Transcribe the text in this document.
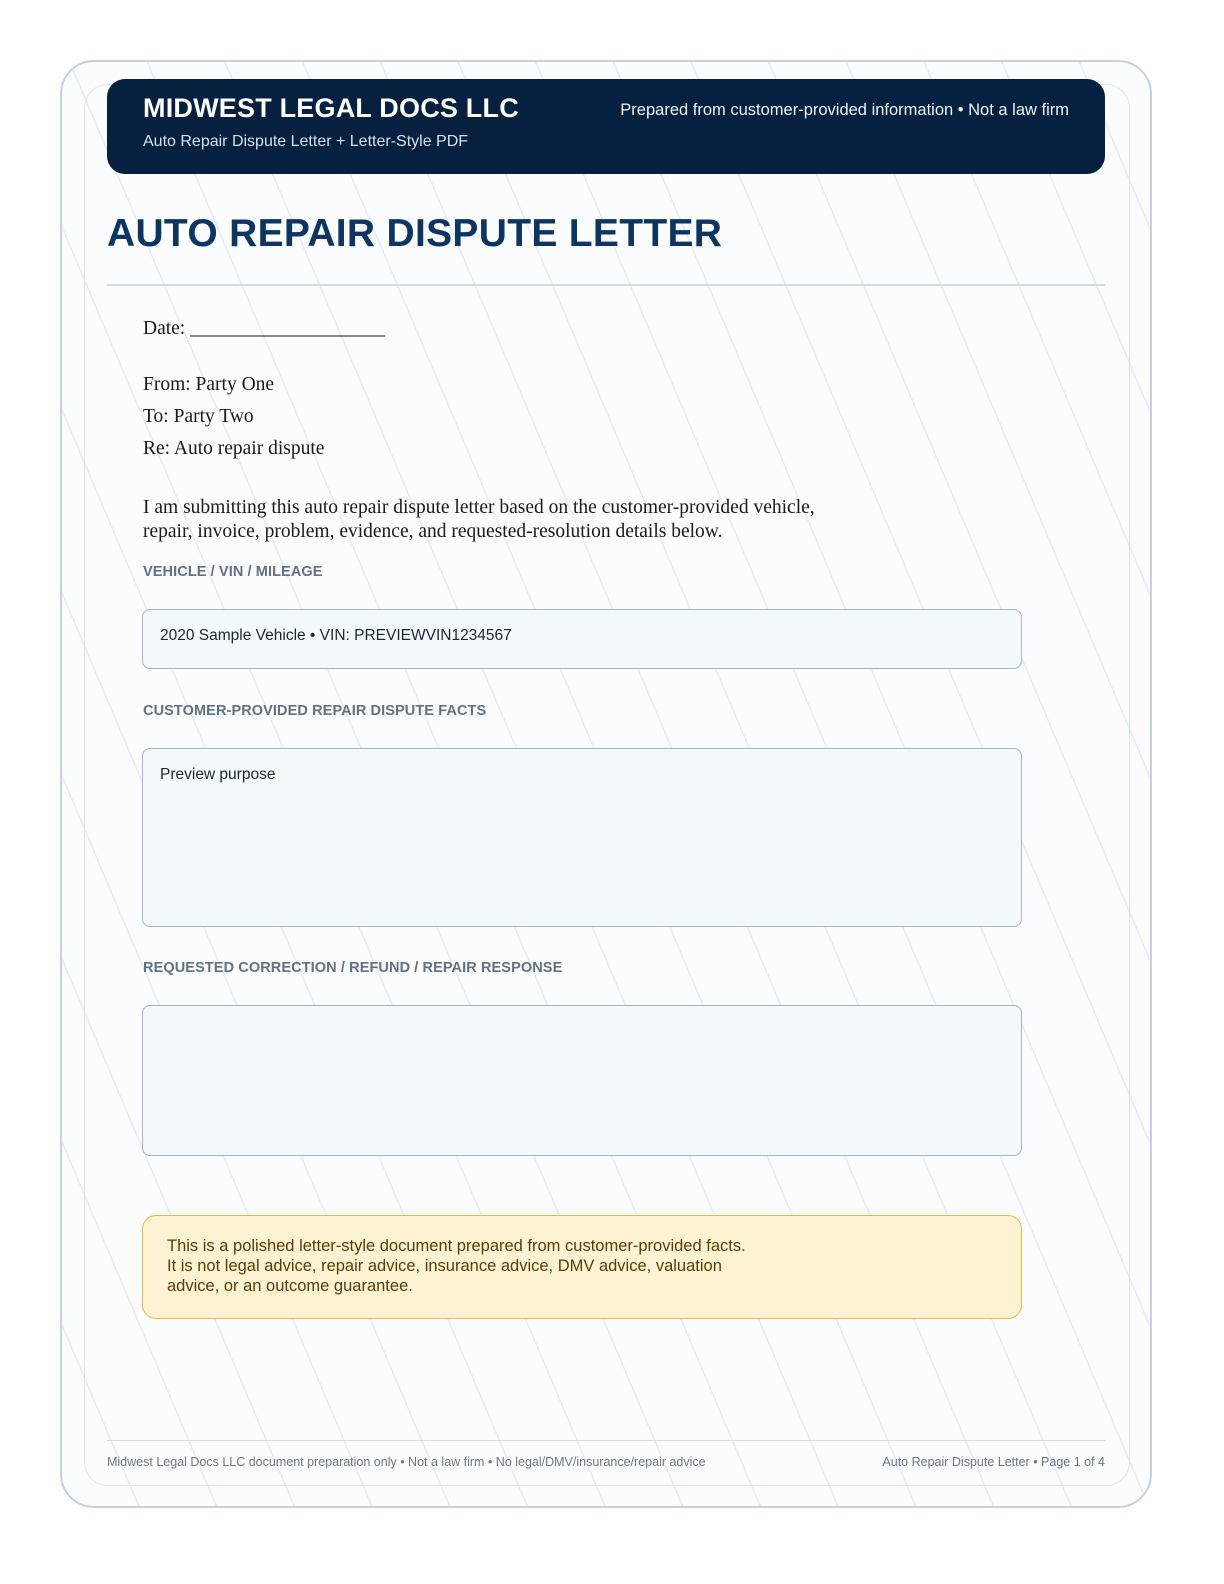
MIDWEST LEGAL DOCS LLC
Auto Repair Dispute Letter + Letter-Style PDF
Prepared from customer-provided information • Not a law firm
AUTO REPAIR DISPUTE LETTER
Date: ____________________
From: Party One
To: Party Two
Re: Auto repair dispute
I am submitting this auto repair dispute letter based on the customer-provided vehicle, repair, invoice, problem, evidence, and requested-resolution details below.
VEHICLE / VIN / MILEAGE
2020 Sample Vehicle • VIN: PREVIEWVIN1234567
CUSTOMER-PROVIDED REPAIR DISPUTE FACTS
Preview purpose
REQUESTED CORRECTION / REFUND / REPAIR RESPONSE
This is a polished letter-style document prepared from customer-provided facts. It is not legal advice, repair advice, insurance advice, DMV advice, valuation advice, or an outcome guarantee.
Midwest Legal Docs LLC document preparation only • Not a law firm • No legal/DMV/insurance/repair advice	Auto Repair Dispute Letter • Page 1 of 4
